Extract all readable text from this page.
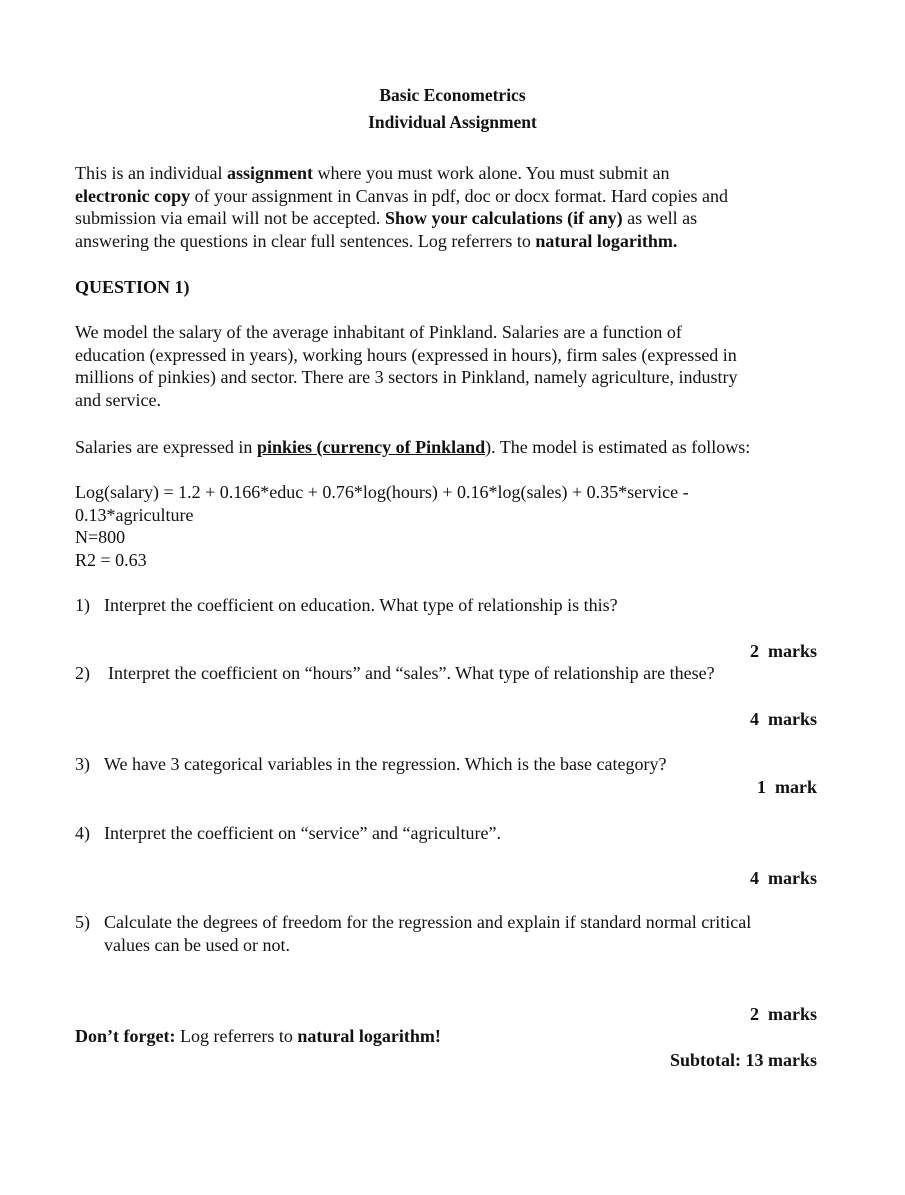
Basic Econometrics
Individual Assignment
This is an individual assignment where you must work alone. You must submit an
electronic copy of your assignment in Canvas in pdf, doc or docx format. Hard copies and
submission via email will not be accepted. Show your calculations (if any) as well as
answering the questions in clear full sentences. Log referrers to natural logarithm.
QUESTION 1)
We model the salary of the average inhabitant of Pinkland. Salaries are a function of
education (expressed in years), working hours (expressed in hours), firm sales (expressed in
millions of pinkies) and sector. There are 3 sectors in Pinkland, namely agriculture, industry
and service.
Salaries are expressed in pinkies (currency of Pinkland). The model is estimated as follows:
Log(salary) = 1.2 + 0.166*educ + 0.76*log(hours) + 0.16*log(sales) + 0.35*service -
0.13*agriculture
N=800
R2 = 0.63
1) Interpret the coefficient on education. What type of relationship is this?
2  marks
2) Interpret the coefficient on “hours” and “sales”. What type of relationship are these?
4  marks
3) We have 3 categorical variables in the regression. Which is the base category?
1  mark
4) Interpret the coefficient on “service” and “agriculture”.
4  marks
5) Calculate the degrees of freedom for the regression and explain if standard normal critical
values can be used or not.
2  marks
Don’t forget: Log referrers to natural logarithm!
Subtotal: 13 marks
